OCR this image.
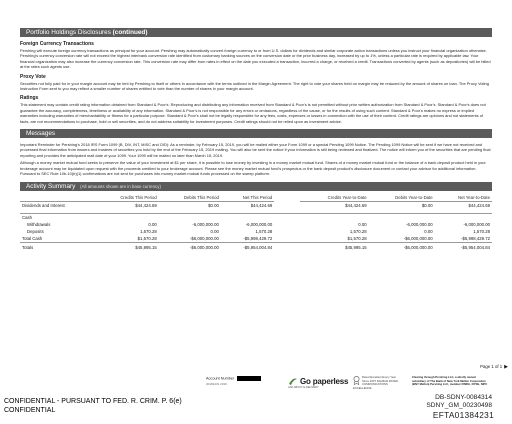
Portfolio Holdings Disclosures (continued)
Foreign Currency Transactions
Pershing will execute foreign currency transactions as principal for your account. Pershing may automatically convert foreign currency to or from U.S. dollars for dividends and similar corporate action transactions unless you instruct your financial organization otherwise. Pershing's currency conversion rate will not exceed the highest interbank conversion rate identified from customary banking sources on the conversion date or the prior business day, increased by up to 1%, unless a particular rate is required by applicable law. Your financial organization may also increase the currency conversion rate. This conversion rate may differ from rates in effect on the date you executed a transaction, incurred a charge, or received a credit. Transactions converted by agents (such as depositories) will be billed at the rates such agents use.
Proxy Vote
Securities not fully paid for in your margin account may be lent by Pershing to itself or others in accordance with the terms outlined in the Margin Agreement. The right to vote your shares held on margin may be reduced by the amount of shares on loan. The Proxy Voting Instruction Form sent to you may reflect a smaller number of shares entitled to vote than the number of shares in your margin account.
Ratings
This statement may contain credit rating information obtained from Standard & Poor's. Reproducing and distributing any information received from Standard & Poor's is not permitted without prior written authorization from Standard & Poor's. Standard & Poor's does not guarantee the accuracy, completeness, timeliness or availability of any information. Standard & Poor's is not responsible for any errors or omissions, regardless of the cause, or for the results of using such content. Standard & Poor's makes no express or implied warranties including warranties of merchantability or fitness for a particular purpose. Standard & Poor's shall not be legally responsible for any fees, costs, expenses or losses in connection with the use of their content. Credit ratings are opinions and not statements of facts, are not recommendations to purchase, hold or sell securities, and do not address suitability for investment purposes. Credit ratings should not be relied upon as investment advice.
Messages
Important Reminder for Pershing's 2018 IRS Form 1099 (B, DIV, INT, MISC and OID): As a reminder, by February 15, 2019, you will be mailed either your Form 1099 or a special Pending 1099 Notice. The Pending 1099 Notice will be sent if we have not received and processed final information from issuers and trustees of securities you hold by the end of the February 15, 2019 mailing. You will also be sent the notice if your information is still being reviewed and finalized. The notice will inform you of the securities that are pending final reporting and provides the anticipated mail date of your 1099. Your 1099 will be mailed no later than March 15, 2019.
Although a money market mutual fund seeks to preserve the value of your investment at $1 per share, it is possible to lose money by investing in a money market mutual fund. Shares of a money market mutual fund or the balance of a bank deposit product held in your brokerage account may be liquidated upon request with the proceeds credited to your brokerage account. Please see the money market mutual fund's prospectus or the bank deposit product's disclosure document or contact your advisor for additional information. Pursuant to SEC Rule 10b-10(b)(1) confirmations are not sent for purchases into money market mutual funds processed on the sweep platform.
Activity Summary (All amounts shown are in base currency)
	Credits This Period	Debits This Period	Net This Period		Credits Year-to-Date	Debits Year-to-Date	Net Year-to-Date
Dividends and Interest	$44,424.69	$0.00	$44,424.69		$44,424.69	$0.00	$44,424.69

Cash							
Withdrawals	0.00	-6,000,000.00	-6,000,000.00		0.00	-6,000,000.00	-6,000,000.00
Deposits	1,570.28	0.00	1,570.28		1,570.28	0.00	1,570.28
Total Cash	$1,570.28	-$6,000,000.00	-$5,998,429.72		$1,570.28	-$6,000,000.00	-$5,998,429.72
Totals	$45,995.15	-$6,000,000.00	-$5,954,004.84		$45,995.15	-$6,000,000.00	-$5,954,004.84
Page 1 of 1 ▶
Account Number
20181231 2019	Go paperless
ASK ABOUT E-DELIVERY
Rated Excellent Every Year Since 2007 DALBAR RATED COMMUNICATIONS EXCELLENCE
Clearing through Pershing LLC, a wholly owned subsidiary of The Bank of New York Mellon Corporation (BNY Mellon) Pershing LLC, member FINRA, NYSE, SIPC
CONFIDENTIAL - PURSUANT TO FED. R. CRIM. P. 6(e)
CONFIDENTIAL
DB-SDNY-0084314
SDNY_GM_00230498
EFTA01384231
